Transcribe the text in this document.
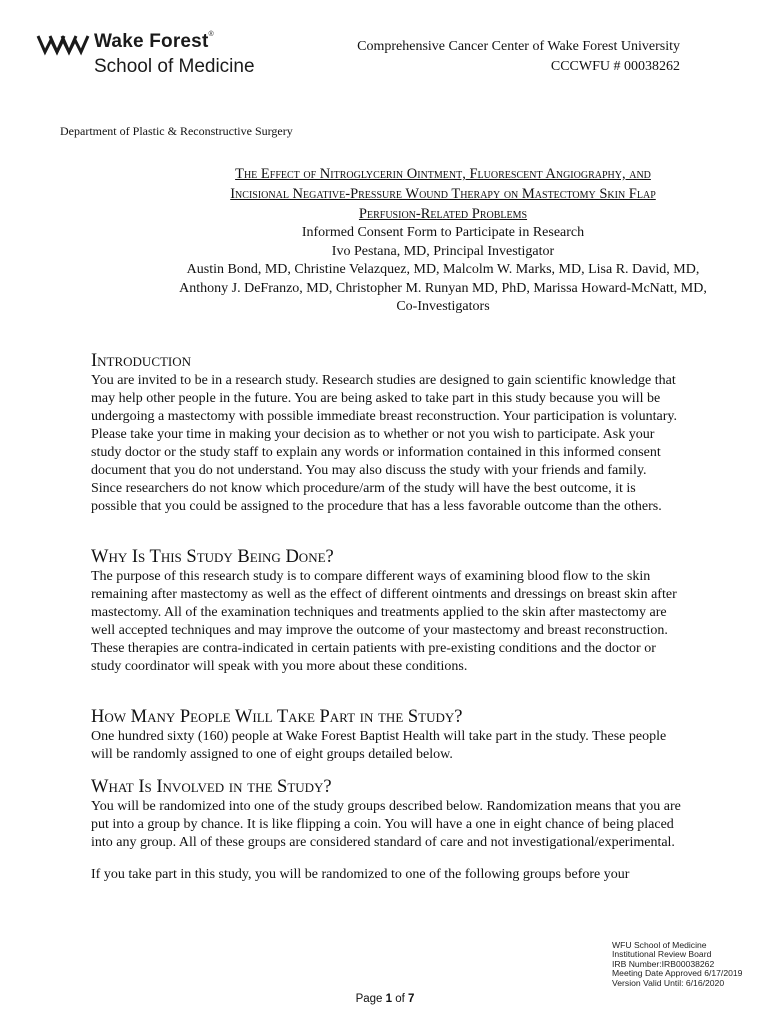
Wake Forest®
School of Medicine
Comprehensive Cancer Center of Wake Forest University
CCCWFU # 00038262
Department of Plastic & Reconstructive Surgery
The Effect of Nitroglycerin Ointment, Fluorescent Angiography, and
Incisional Negative-Pressure Wound Therapy on Mastectomy Skin Flap
Perfusion-Related Problems
Informed Consent Form to Participate in Research
Ivo Pestana, MD, Principal Investigator
Austin Bond, MD, Christine Velazquez, MD, Malcolm W. Marks, MD, Lisa R. David, MD,
Anthony J. DeFranzo, MD, Christopher M. Runyan MD, PhD, Marissa Howard-McNatt, MD,
Co-Investigators
Introduction

You are invited to be in a research study. Research studies are designed to gain scientific knowledge that may help other people in the future. You are being asked to take part in this study because you will be undergoing a mastectomy with possible immediate breast reconstruction. Your participation is voluntary. Please take your time in making your decision as to whether or not you wish to participate. Ask your study doctor or the study staff to explain any words or information contained in this informed consent document that you do not understand. You may also discuss the study with your friends and family. Since researchers do not know which procedure/arm of the study will have the best outcome, it is possible that you could be assigned to the procedure that has a less favorable outcome than the others.

Why Is This Study Being Done?

The purpose of this research study is to compare different ways of examining blood flow to the skin remaining after mastectomy as well as the effect of different ointments and dressings on breast skin after mastectomy. All of the examination techniques and treatments applied to the skin after mastectomy are well accepted techniques and may improve the outcome of your mastectomy and breast reconstruction. These therapies are contra-indicated in certain patients with pre-existing conditions and the doctor or study coordinator will speak with you more about these conditions.

How Many People Will Take Part in the Study?

One hundred sixty (160) people at Wake Forest Baptist Health will take part in the study. These people will be randomly assigned to one of eight groups detailed below.

What Is Involved in the Study?

You will be randomized into one of the study groups described below. Randomization means that you are put into a group by chance. It is like flipping a coin. You will have a one in eight chance of being placed into any group. All of these groups are considered standard of care and not investigational/experimental.

If you take part in this study, you will be randomized to one of the following groups before your

WFU School of Medicine
Institutional Review Board
IRB Number:IRB00038262
Meeting Date Approved 6/17/2019
Version Valid Until: 6/16/2020
Page 1 of 7
